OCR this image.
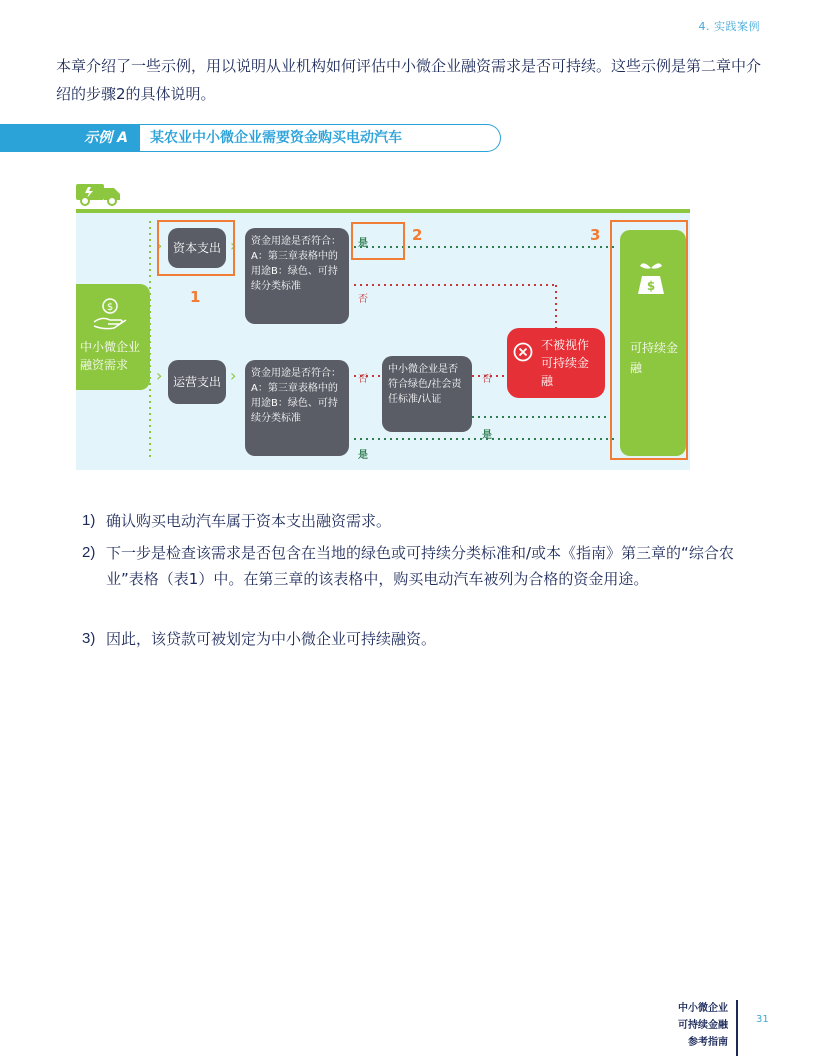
4. 实践案例

本章介绍了一些示例，用以说明从业机构如何评估中小微企业融资需求是否可持续。这些示例是第二章中介绍的步骤2的具体说明。

示例 A	某农业中小微企业需要资金购买电动汽车
$
中小微企业融资需求
›
›
›
›
资本支出
1
运营支出
资金用途是否符合：A：第三章表格中的用途B：绿色、可持续分类标准
资金用途是否符合：A：第三章表格中的用途B：绿色、可持续分类标准
中小微企业是否符合绿色/社会责任标准/认证
2	3
是
否
否	否
是
是
不被视作可持续金融
$
可持续金融
1) 确认购买电动汽车属于资本支出融资需求。
2) 下一步是检查该需求是否包含在当地的绿色或可持续分类标准和/或本《指南》第三章的“综合农业”表格（表1）中。在第三章的该表格中，购买电动汽车被列为合格的资金用途。
3) 因此，该贷款可被划定为中小微企业可持续融资。
中小微企业
可持续金融
参考指南
31
